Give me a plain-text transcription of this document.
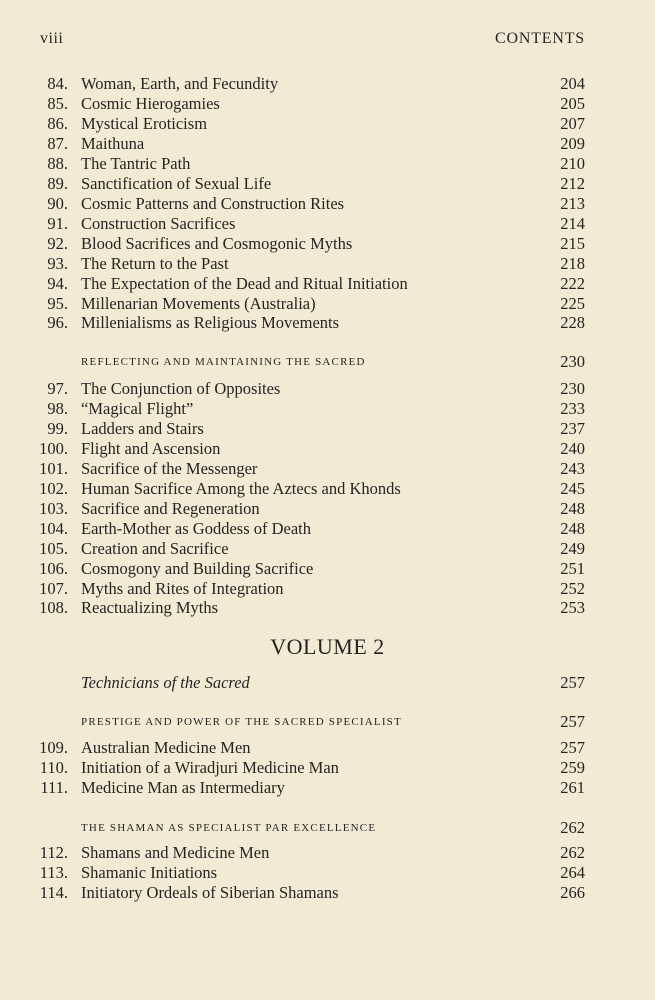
viii	CONTENTS
VOLUME 2
84. Woman, Earth, and Fecundity	204
85. Cosmic Hierogamies	205
86. Mystical Eroticism	207
87. Maithuna	209
88. The Tantric Path	210
89. Sanctification of Sexual Life	212
90. Cosmic Patterns and Construction Rites	213
91. Construction Sacrifices	214
92. Blood Sacrifices and Cosmogonic Myths	215
93. The Return to the Past	218
94. The Expectation of the Dead and Ritual Initiation	222
95. Millenarian Movements (Australia)	225
96. Millenialisms as Religious Movements	228
REFLECTING AND MAINTAINING THE SACRED	230
97. The Conjunction of Opposites	230
98. “Magical Flight”	233
99. Ladders and Stairs	237
100. Flight and Ascension	240
101. Sacrifice of the Messenger	243
102. Human Sacrifice Among the Aztecs and Khonds	245
103. Sacrifice and Regeneration	248
104. Earth-Mother as Goddess of Death	248
105. Creation and Sacrifice	249
106. Cosmogony and Building Sacrifice	251
107. Myths and Rites of Integration	252
108. Reactualizing Myths	253
Technicians of the Sacred	257
PRESTIGE AND POWER OF THE SACRED SPECIALIST	257
109. Australian Medicine Men	257
110. Initiation of a Wiradjuri Medicine Man	259
111. Medicine Man as Intermediary	261
THE SHAMAN AS SPECIALIST PAR EXCELLENCE	262
112. Shamans and Medicine Men	262
113. Shamanic Initiations	264
114. Initiatory Ordeals of Siberian Shamans	266
